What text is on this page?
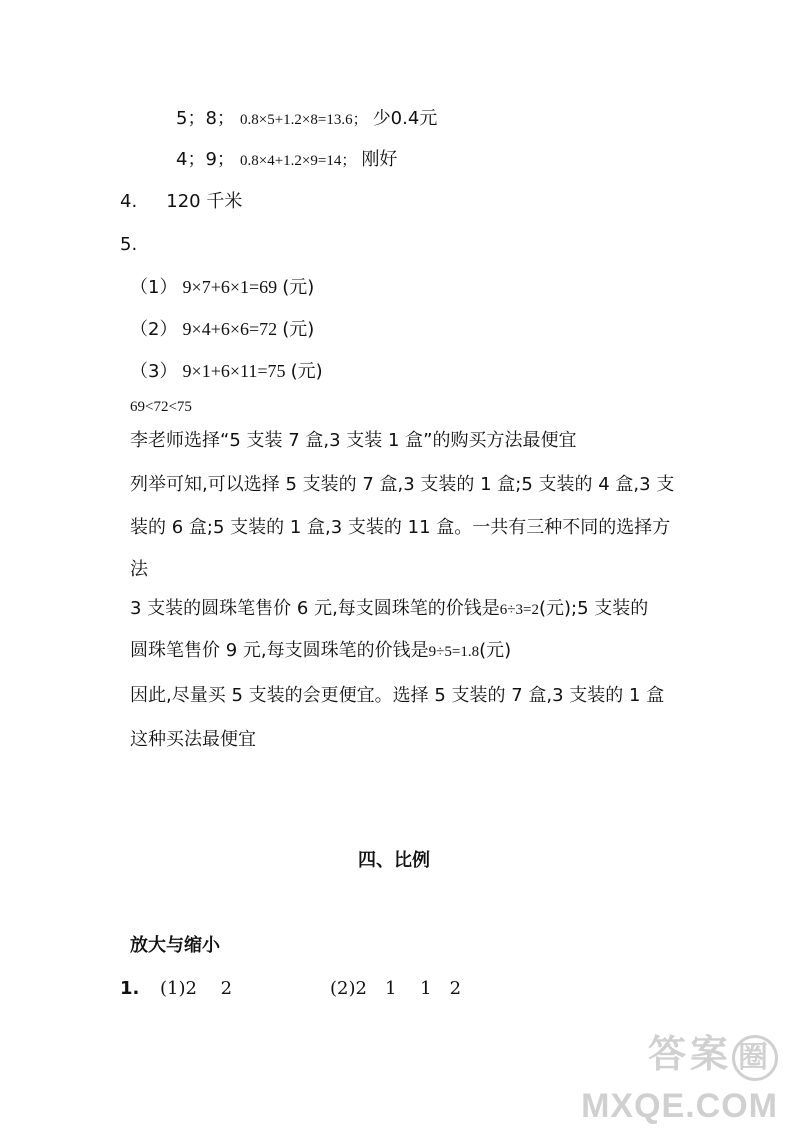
5；8； 0.8×5+1.2×8=13.6； 少0.4元
4；9； 0.8×4+1.2×9=14； 刚好
4. 120 千米
5.
（1） 9×7+6×1=69 (元)
（2） 9×4+6×6=72 (元)
（3） 9×1+6×11=75 (元)
69<72<75
李老师选择“5 支装 7 盒,3 支装 1 盒”的购买方法最便宜
列举可知,可以选择 5 支装的 7 盒,3 支装的 1 盒;5 支装的 4 盒,3 支
装的 6 盒;5 支装的 1 盒,3 支装的 11 盒。一共有三种不同的选择方
法
3 支装的圆珠笔售价 6 元,每支圆珠笔的价钱是6÷3=2(元);5 支装的
圆珠笔售价 9 元,每支圆珠笔的价钱是9÷5=1.8(元)
因此,尽量买 5 支装的会更便宜。选择 5 支装的 7 盒,3 支装的 1 盒
这种买法最便宜
四、比例
放大与缩小
1. (1)2　 2	(2)2　1　 1　2
答案 圈
MXQE.COM
